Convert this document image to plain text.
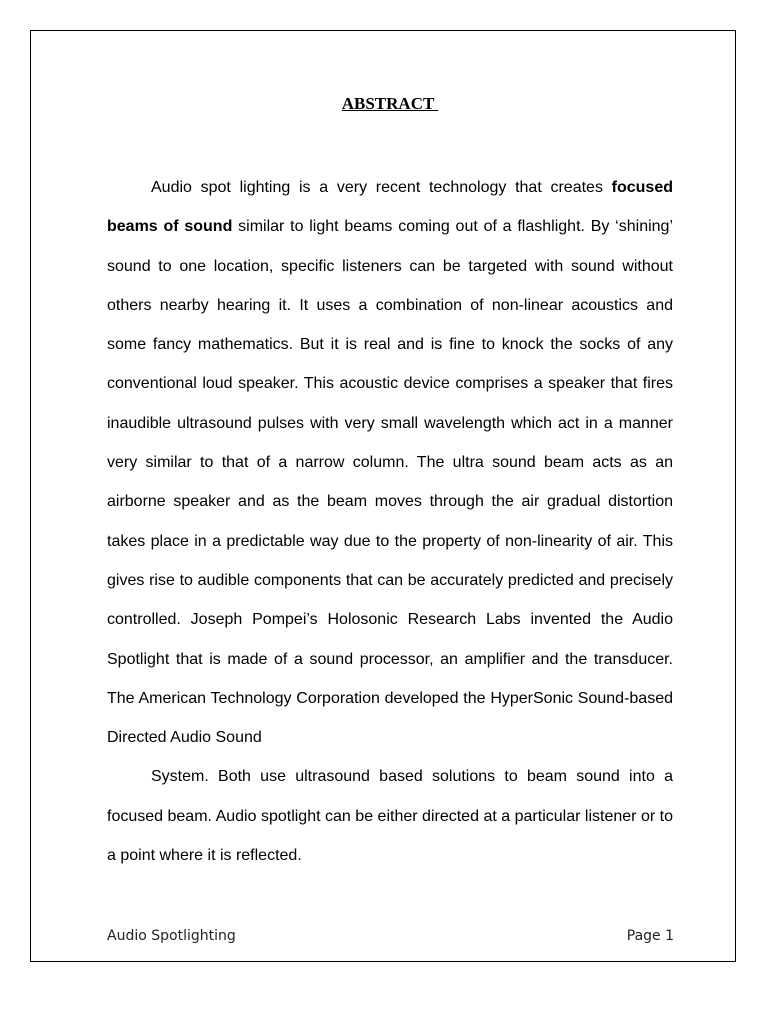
ABSTRACT

Audio spot lighting is a very recent technology that creates focused beams of sound similar to light beams coming out of a flashlight. By ‘shining’ sound to one location, specific listeners can be targeted with sound without others nearby hearing it. It uses a combination of non-linear acoustics and some fancy mathematics. But it is real and is fine to knock the socks of any conventional loud speaker. This acoustic device comprises a speaker that fires inaudible ultrasound pulses with very small wavelength which act in a manner very similar to that of a narrow column. The ultra sound beam acts as an airborne speaker and as the beam moves through the air gradual distortion takes place in a predictable way due to the property of non-linearity of air. This gives rise to audible components that can be accurately predicted and precisely controlled. Joseph Pompei’s Holosonic Research Labs invented the Audio Spotlight that is made of a sound processor, an amplifier and the transducer. The American Technology Corporation developed the HyperSonic Sound-based Directed Audio Sound

System. Both use ultrasound based solutions to beam sound into a focused beam. Audio spotlight can be either directed at a particular listener or to a point where it is reflected.

Audio Spotlighting	Page 1
